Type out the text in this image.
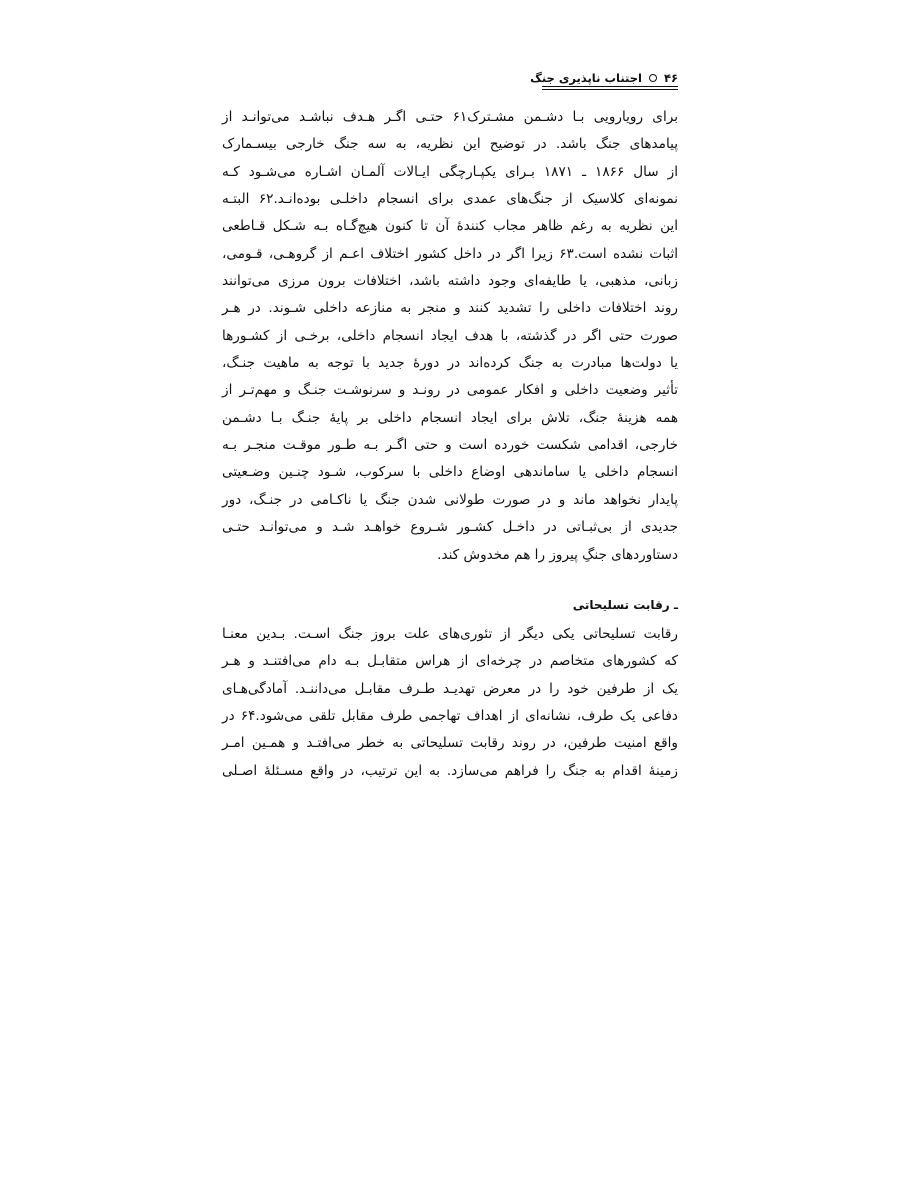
۴۶
اجتناب ناپذیری جنگ
برای رویارویی بـا دشـمن مشـترک‌۶۱ حتـی اگـر هـدف نباشـد می‌توانـد از
پیامدهای جنگ باشد. در توضیح این نظریه، به سه جنگ خارجی بیسـمارک
از سال ۱۸۶۶ ـ ۱۸۷۱ بـرای یکپـارچگی ایـالات آلمـان اشـاره می‌شـود کـه
نمونه‌ای کلاسیک از جنگ‌های عمدی برای انسجام داخلـی بوده‌انـد.۶۲ البتـه
این نظریه به رغم ظاهر مجاب کنندهٔ آن تا کنون هیچ‌گـاه بـه شـکل قـاطعی
اثبات نشده است.۶۳ زیرا اگر در داخل کشور اختلاف اعـم از گروهـی، قـومی،
زبانی، مذهبی، یا طایفه‌ای وجود داشته باشد، اختلافات برون مرزی می‌توانند
روند اختلافات داخلی را تشدید کنند و منجر به منازعه داخلی شـوند. در هـر
صورت حتی اگر در گذشته، با هدف ایجاد انسجام داخلی، برخـی از کشـورها
یا دولت‌ها مبادرت به جنگ کرده‌اند در دورهٔ جدید با توجه به ماهیت جنـگ،
تأثیر وضعیت داخلی و افکار عمومی در رونـد و سرنوشـت جنـگ و مهم‌تـر از
همه هزینهٔ جنگ، تلاش برای ایجاد انسجام داخلی بر پایهٔ جنـگ بـا دشـمن
خارجی، اقدامی شکست خورده است و حتی اگـر بـه طـور موقـت منجـر بـه
انسجام داخلی یا ساماندهی اوضاع داخلی با سرکوب، شـود چنـین وضـعیتی
پایدار نخواهد ماند و در صورت طولانی شدن جنگ یا ناکـامی در جنـگ، دور
جدیدی از بی‌ثبـاتی در داخـل کشـور شـروع خواهـد شـد و می‌توانـد حتـی
دستاوردهای جنگِ پیروز را هم مخدوش کند.
ـ رقابت تسلیحاتی
رقابت تسلیحاتی یکی دیگر از تئوری‌های علت بروز جنگ اسـت. بـدین معنـا
که کشورهای متخاصم در چرخه‌ای از هراس متقابـل بـه دام می‌افتنـد و هـر
یک از طرفین خود را در معرض تهدیـد طـرف مقابـل می‌داننـد. آمادگی‌هـای
دفاعی یک طرف، نشانه‌ای از اهداف تهاجمی طرف مقابل تلقی می‌شود.۶۴ در
واقع امنیت طرفین، در روند رقابت تسلیحاتی به خطر می‌افتـد و همـین امـر
زمینهٔ اقدام به جنگ را فراهم می‌سازد. به این ترتیب، در واقع مسـئلهٔ اصـلی
